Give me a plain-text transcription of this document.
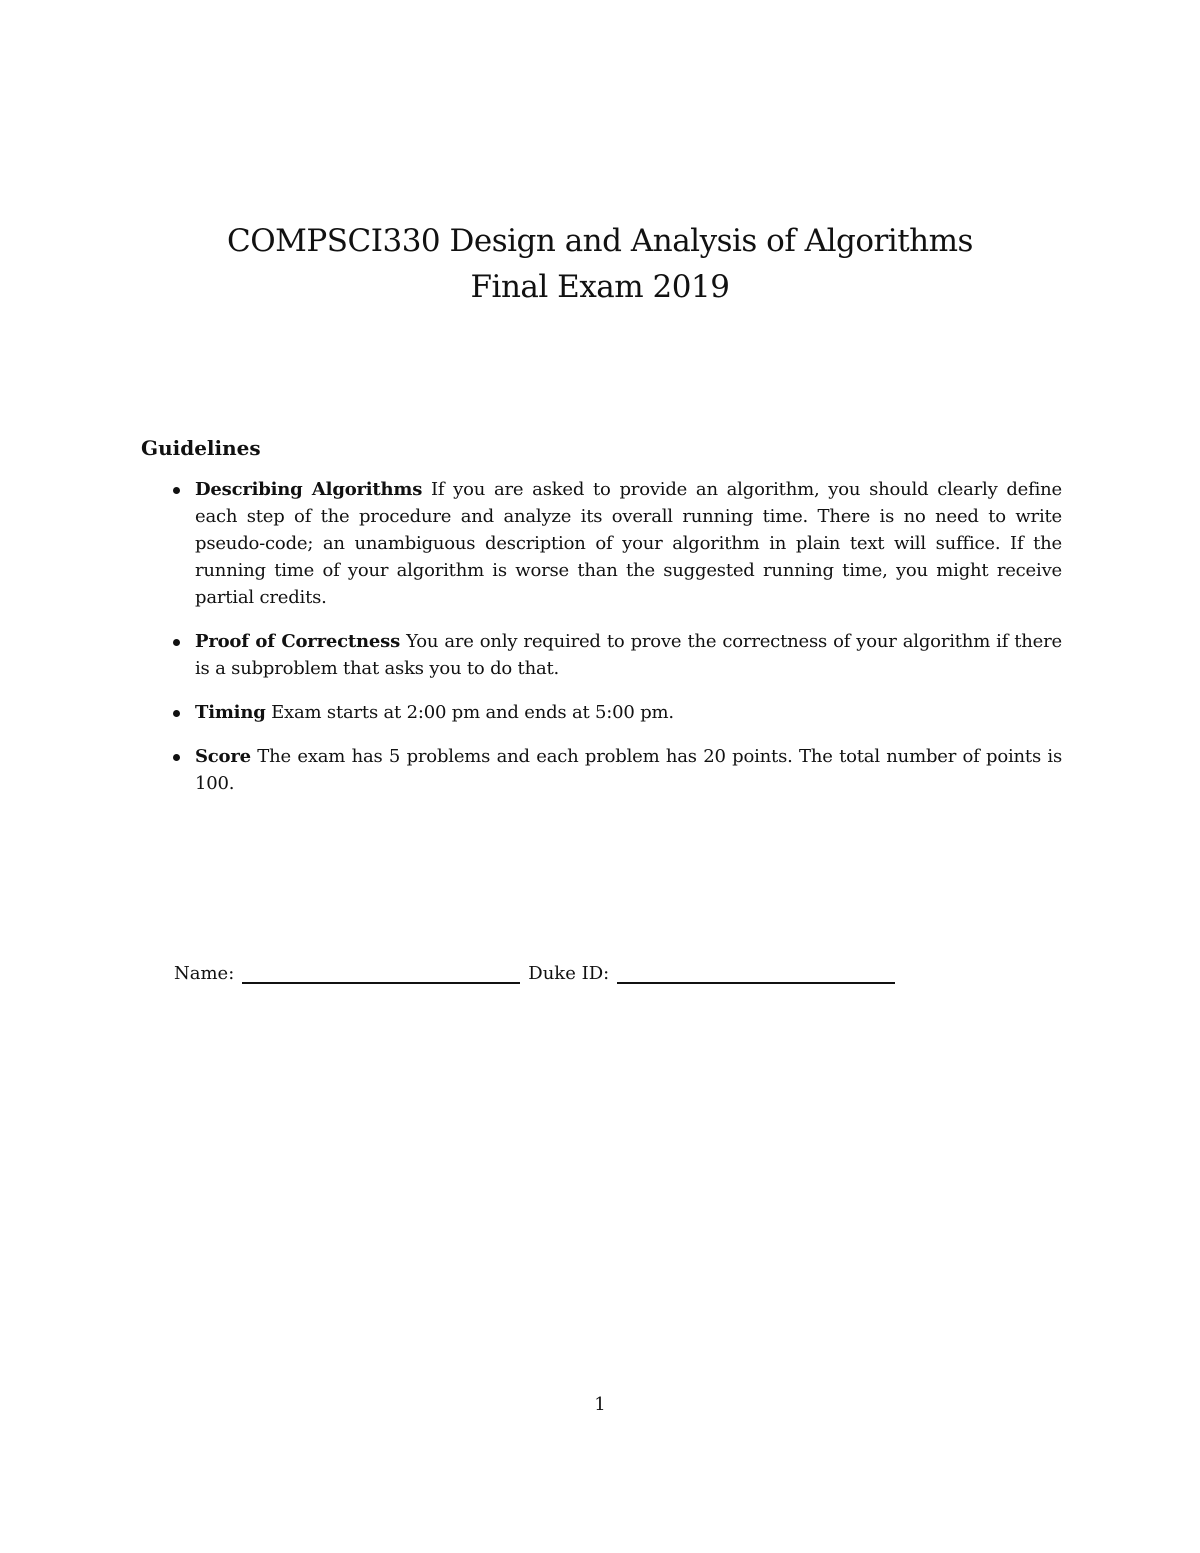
COMPSCI330 Design and Analysis of Algorithms

Final Exam 2019

Guidelines

Describing Algorithms If you are asked to provide an algorithm, you should clearly define each step of the procedure and analyze its overall running time. There is no need to write pseudo-code; an unambiguous description of your algorithm in plain text will suffice. If the running time of your algorithm is worse than the suggested running time, you might receive partial credits.
Proof of Correctness You are only required to prove the correctness of your algorithm if there is a subproblem that asks you to do that.
Timing Exam starts at 2:00 pm and ends at 5:00 pm.
Score The exam has 5 problems and each problem has 20 points. The total number of points is 100.
Name:	Duke ID:
1
